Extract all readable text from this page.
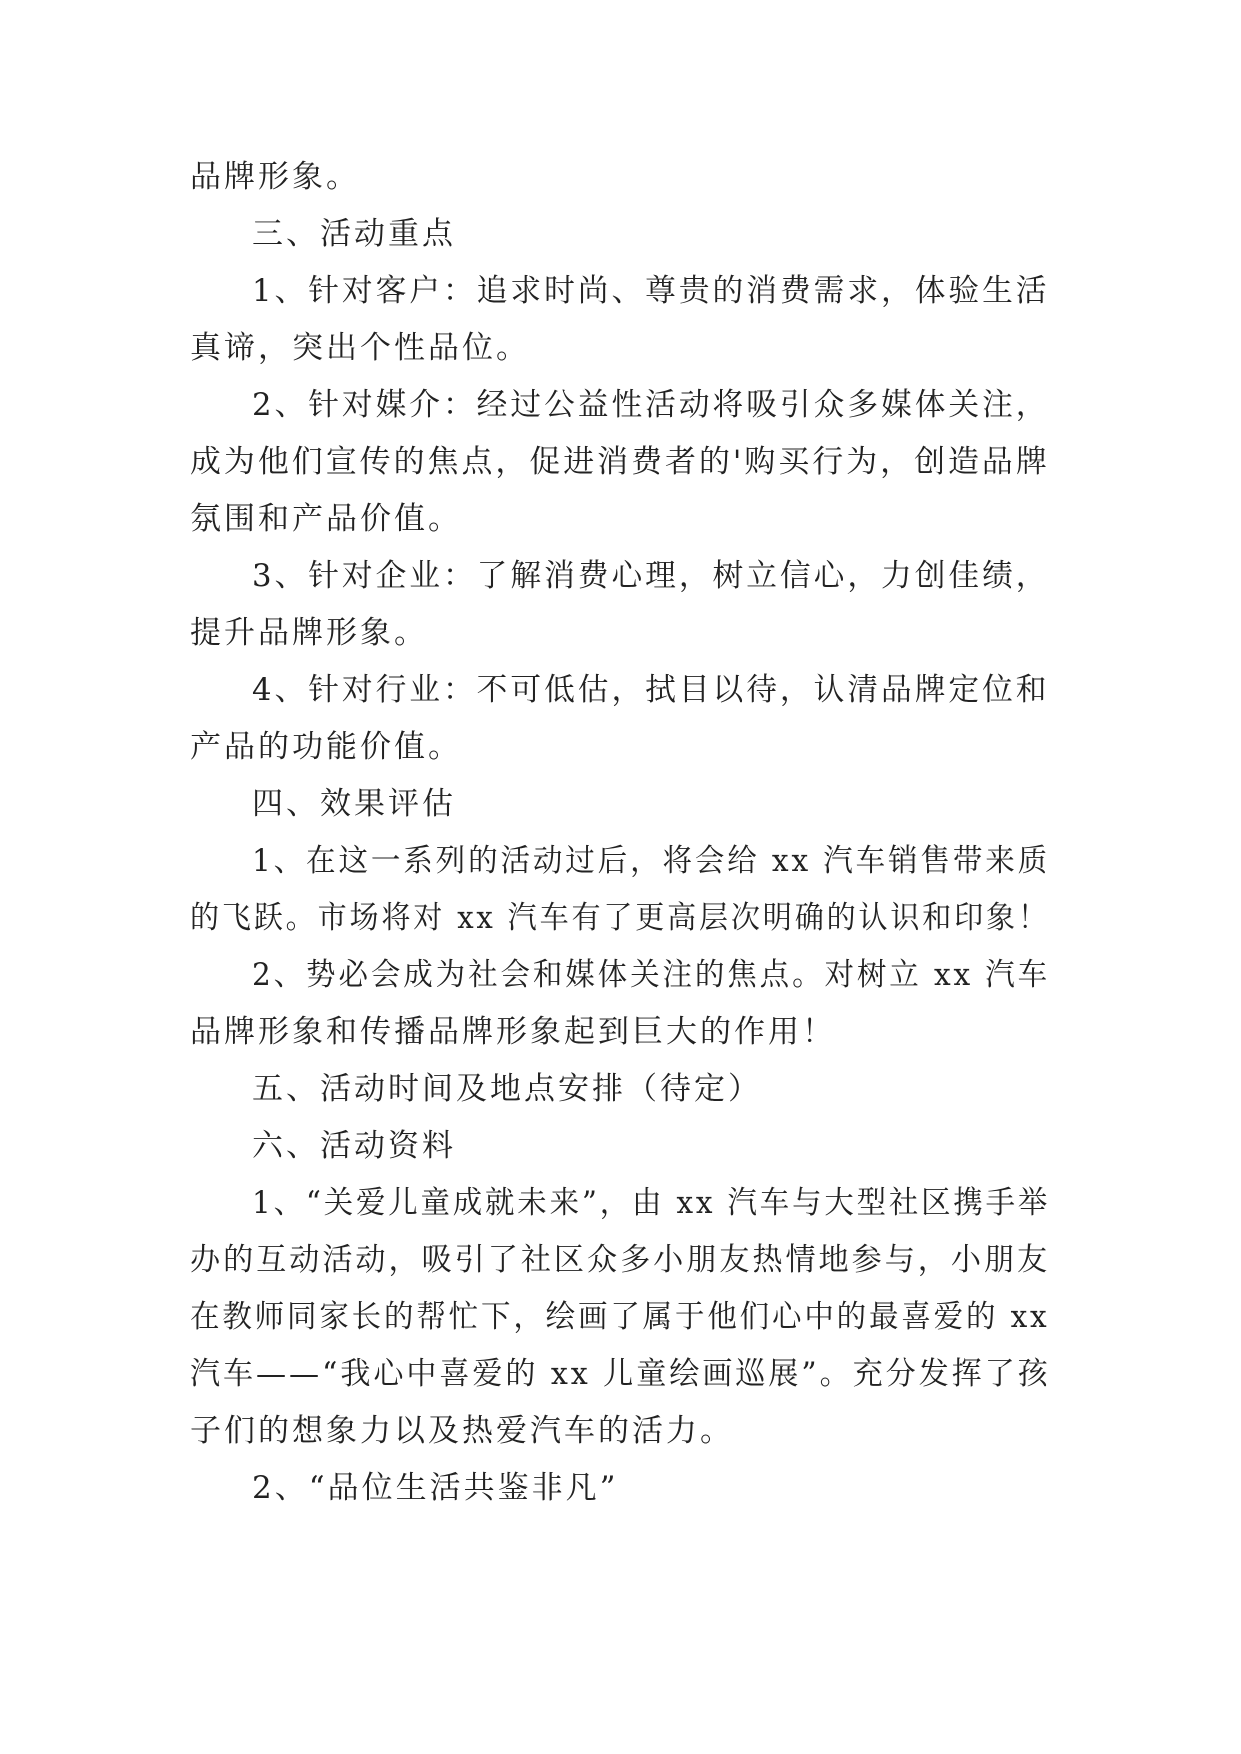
品牌形象。
三、活动重点
1、针对客户：追求时尚、尊贵的消费需求，体验生活
真谛，突出个性品位。
2、针对媒介：经过公益性活动将吸引众多媒体关注，
成为他们宣传的焦点，促进消费者的'购买行为，创造品牌
氛围和产品价值。
3、针对企业：了解消费心理，树立信心，力创佳绩，
提升品牌形象。
4、针对行业：不可低估，拭目以待，认清品牌定位和
产品的功能价值。
四、效果评估
1、在这一系列的活动过后，将会给 xx 汽车销售带来质
的飞跃。市场将对 xx 汽车有了更高层次明确的认识和印象！
2、势必会成为社会和媒体关注的焦点。对树立 xx 汽车
品牌形象和传播品牌形象起到巨大的作用！
五、活动时间及地点安排（待定）
六、活动资料
1、“关爱儿童成就未来”，由 xx 汽车与大型社区携手举
办的互动活动，吸引了社区众多小朋友热情地参与，小朋友
在教师同家长的帮忙下，绘画了属于他们心中的最喜爱的 xx
汽车——“我心中喜爱的 xx 儿童绘画巡展”。充分发挥了孩
子们的想象力以及热爱汽车的活力。
2、“品位生活共鉴非凡”
